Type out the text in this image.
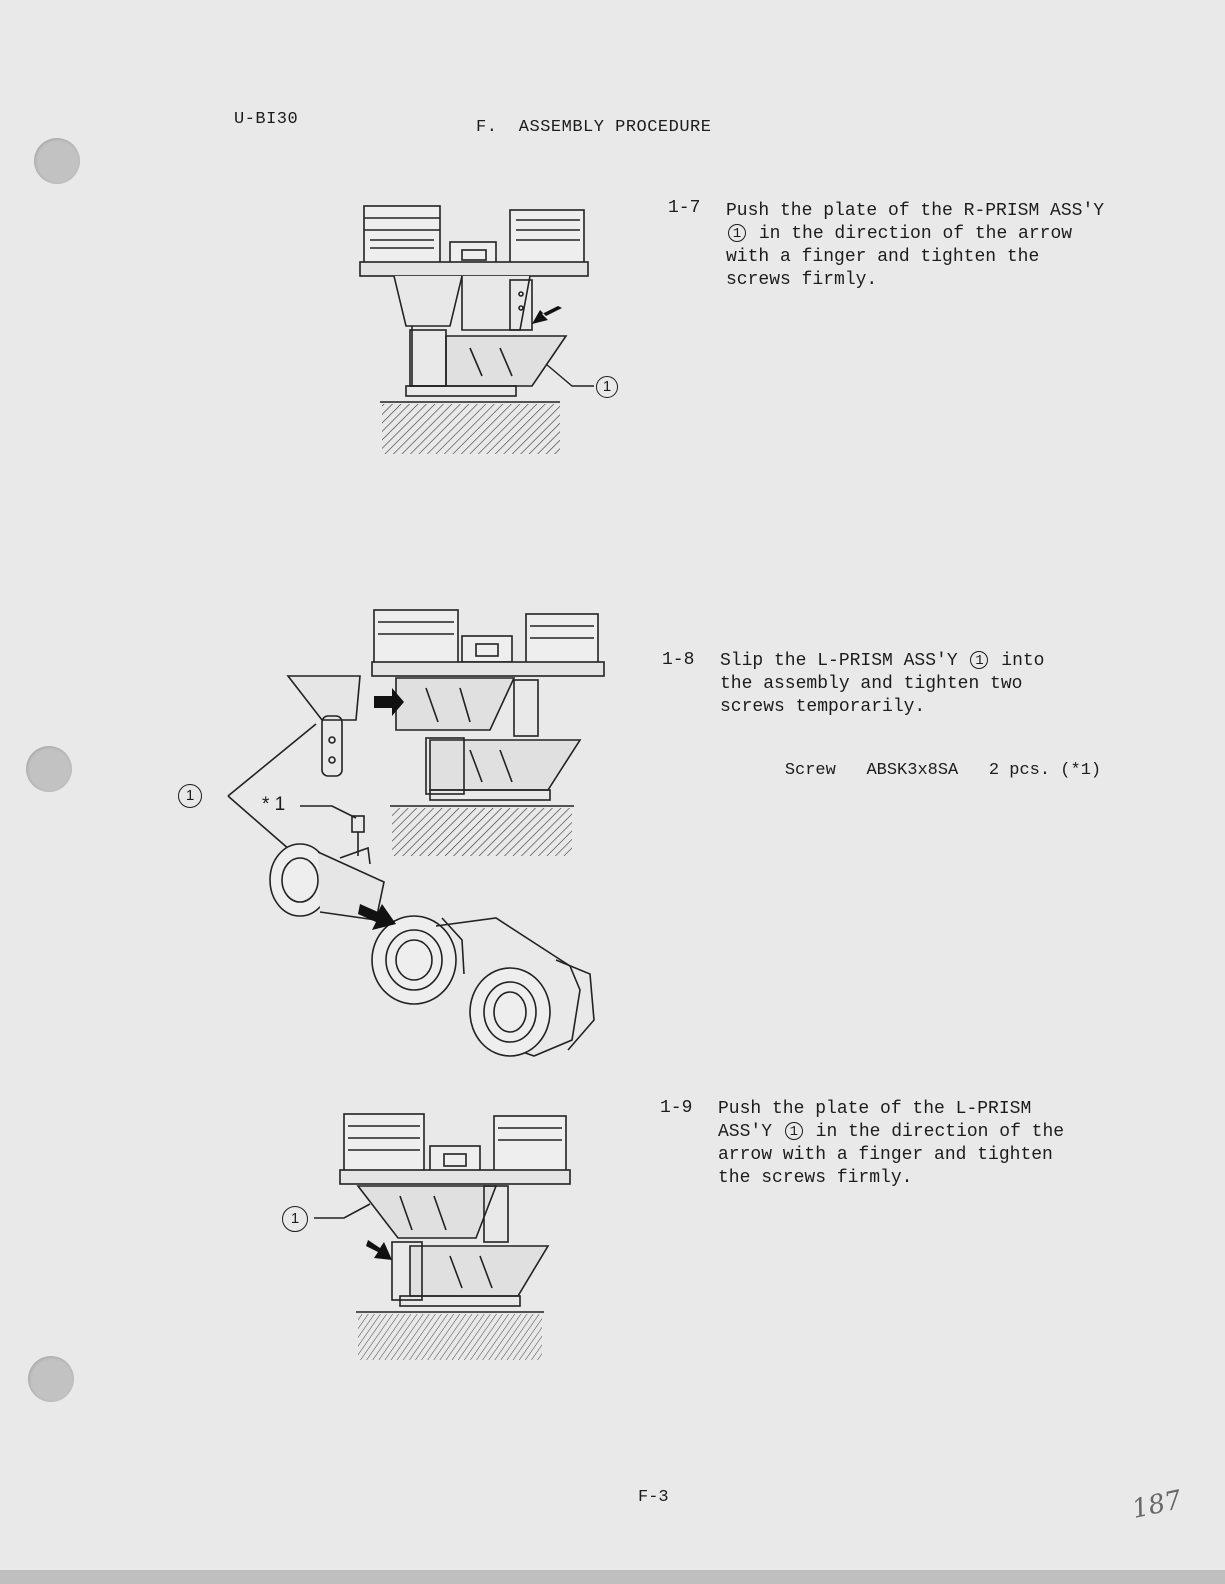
U-BI30	F.  ASSEMBLY PROCEDURE
1
1-7 Push the plate of the R-PRISM ASS'Y 1 in the direction of the arrow with a finger and tighten the screws firmly.
1	* 1
1-8 Slip the L-PRISM ASS'Y 1 into the assembly and tighten two screws temporarily.

Screw ABSK3x8SA 2 pcs. (*1)

1
1-9 Push the plate of the L-PRISM ASS'Y 1 in the direction of the arrow with a finger and tighten the screws firmly.
F-3	187
